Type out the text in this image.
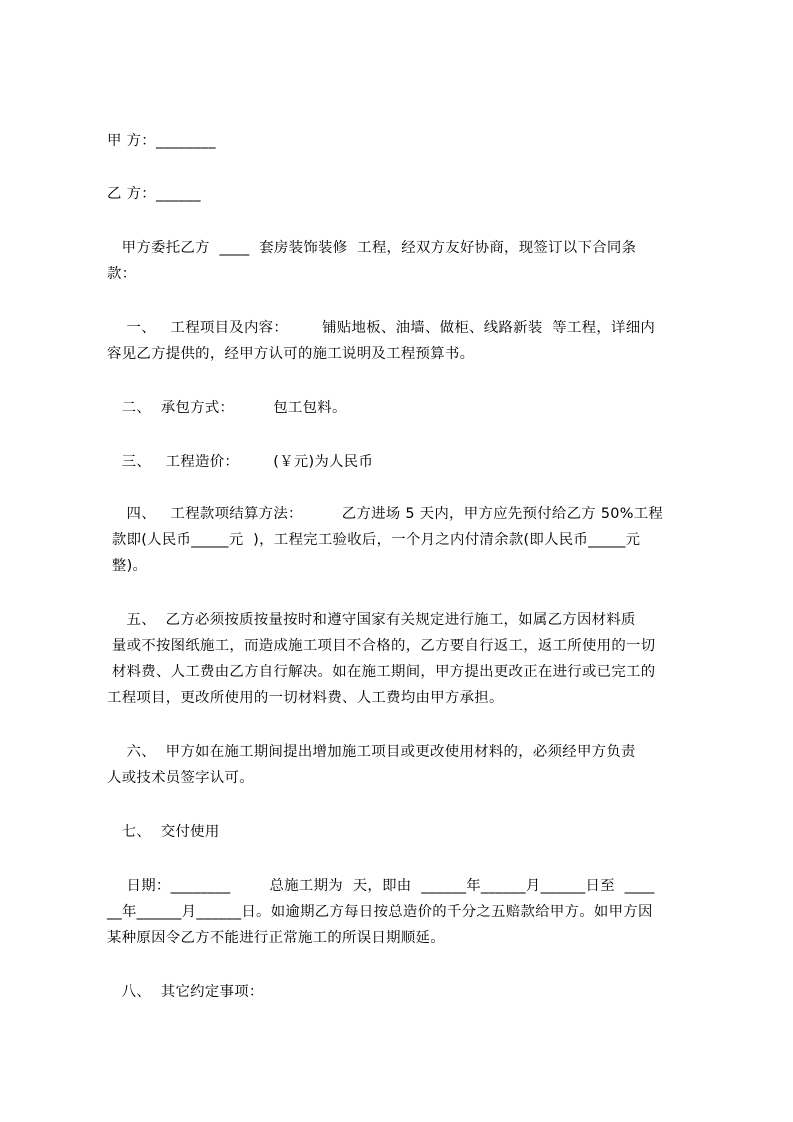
甲 方：________
乙 方：______
甲方委托乙方  ____  套房装饰装修  工程，经双方友好协商，现签订以下合同条
款：
一、   工程项目及内容：       铺贴地板、油墙、做柜、线路新装  等工程，详细内
容见乙方提供的，经甲方认可的施工说明及工程预算书。
二、  承包方式：        包工包料。
三、   工程造价：       (￥元)为人民币
四、   工程款项结算方法：        乙方进场 5 天内，甲方应先预付给乙方 50%工程
款即(人民币_____元  )，工程完工验收后，一个月之内付清余款(即人民币_____元
整)。
五、  乙方必须按质按量按时和遵守国家有关规定进行施工，如属乙方因材料质
量或不按图纸施工，而造成施工项目不合格的，乙方要自行返工，返工所使用的一切
材料费、人工费由乙方自行解决。如在施工期间，甲方提出更改正在进行或已完工的
工程项目，更改所使用的一切材料费、人工费均由甲方承担。
六、  甲方如在施工期间提出增加施工项目或更改使用材料的，必须经甲方负责
人或技术员签字认可。
七、  交付使用
日期：________        总施工期为  天，即由  ______年______月______日至  ____
__年______月______日。如逾期乙方每日按总造价的千分之五赔款给甲方。如甲方因
某种原因令乙方不能进行正常施工的所误日期顺延。
八、  其它约定事项：
